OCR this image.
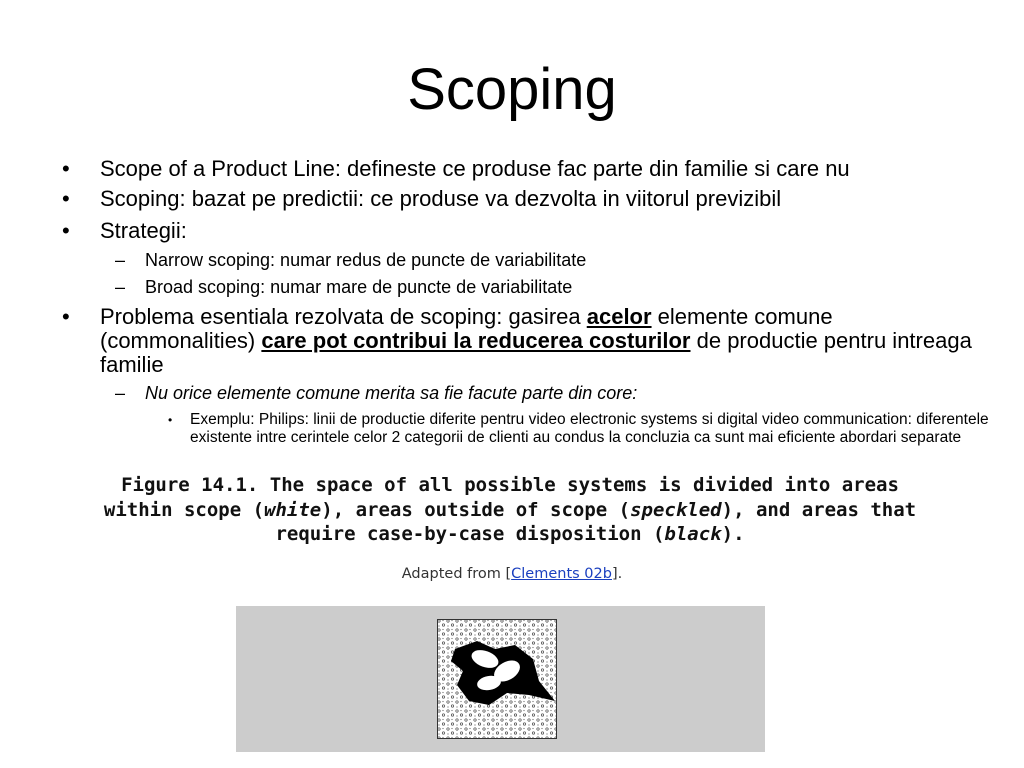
Scoping
• Scope of a Product Line: defineste ce produse fac parte din familie si care nu
• Scoping: bazat pe predictii: ce produse va dezvolta in viitorul previzibil
• Strategii:
– Narrow scoping: numar redus de puncte de variabilitate
– Broad scoping: numar mare de puncte de variabilitate
• Problema esentiala rezolvata de scoping: gasirea acelor elemente comune (commonalities) care pot contribui la reducerea costurilor de productie pentru intreaga familie
– Nu orice elemente comune merita sa fie facute parte din core:
• Exemplu: Philips: linii de productie diferite pentru video electronic systems si digital video communication: diferentele existente intre cerintele celor 2 categorii de clienti au condus la concluzia ca sunt mai eficiente abordari separate
Figure 14.1. The space of all possible systems is divided into areas within scope (white), areas outside of scope (speckled), and areas that require case-by-case disposition (black).
Adapted from [Clements 02b].
